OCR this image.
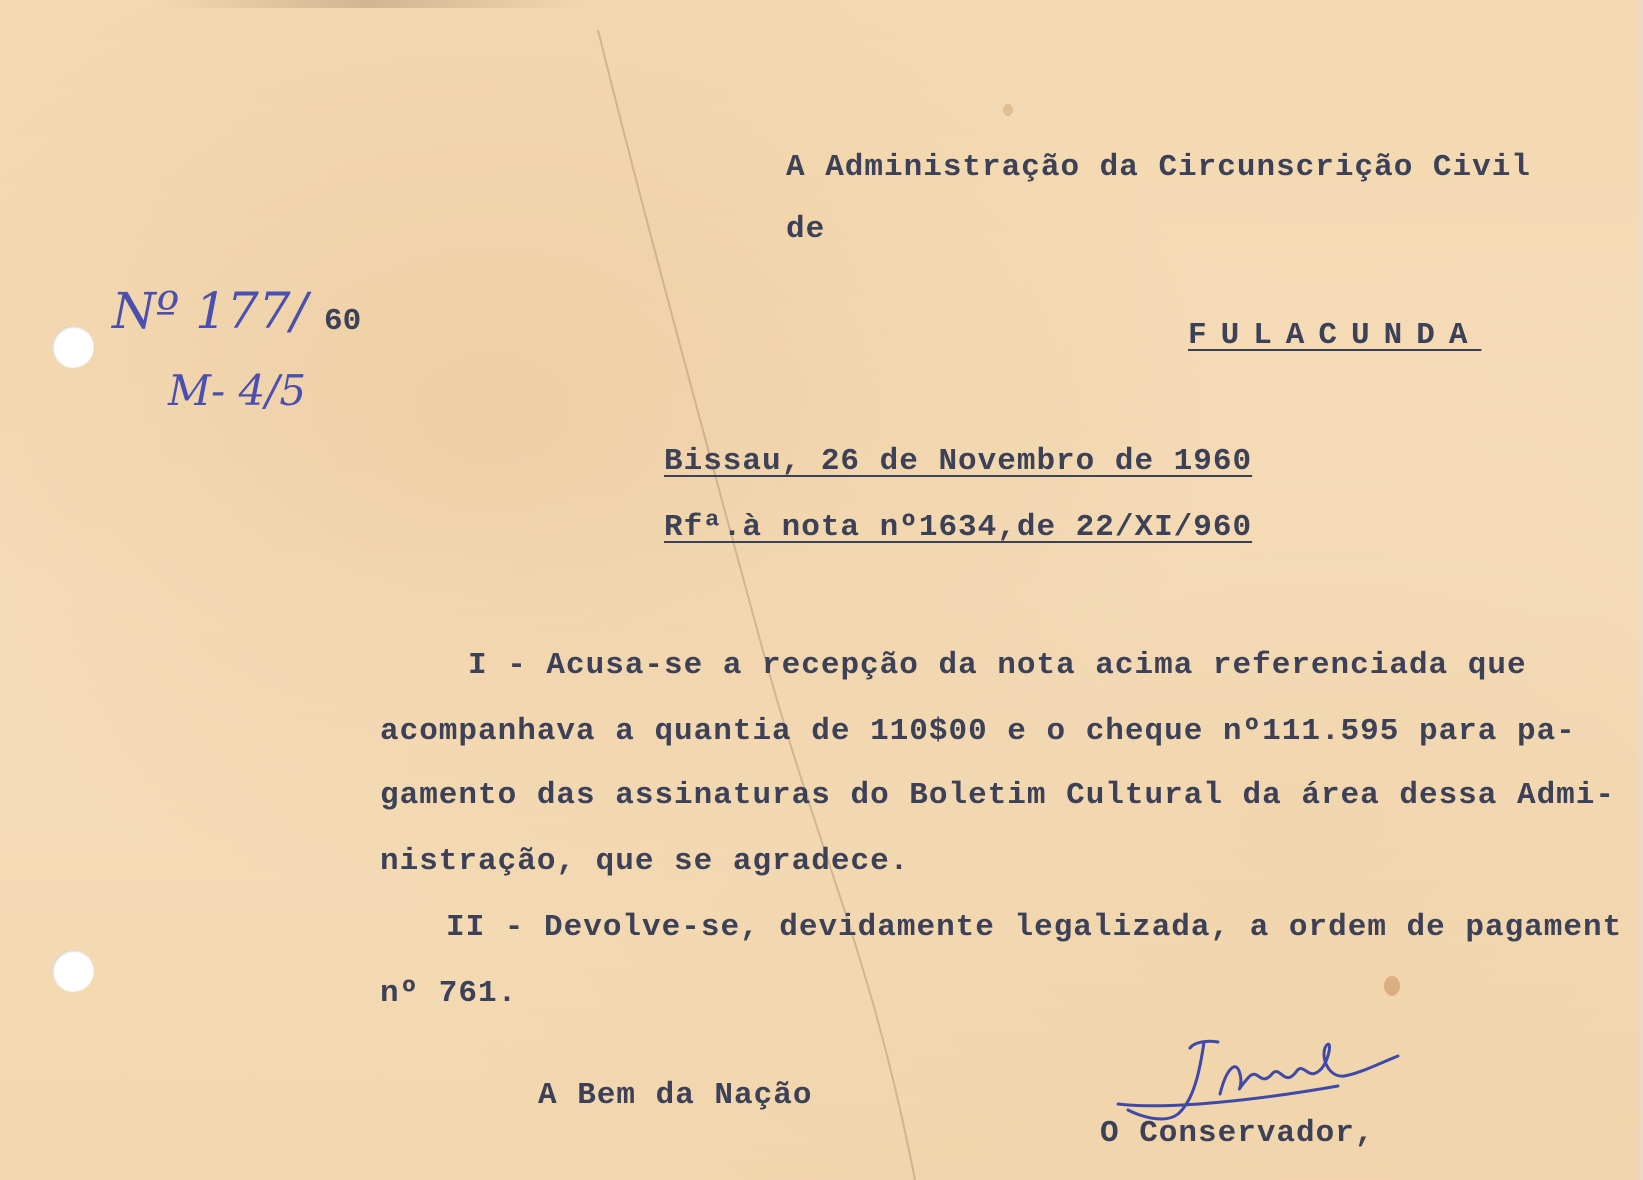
A Administração da Circunscrição Civil
de
FULACUNDA
Nº 177/ 60
M- 4/5
Bissau, 26 de Novembro de 1960
Rfª.à nota nº1634,de 22/XI/960
I - Acusa-se a recepção da nota acima referenciada que
acompanhava a quantia de 110$00 e o cheque nº111.595 para pa-
gamento das assinaturas do Boletim Cultural da área dessa Admi-
nistração, que se agradece.
II - Devolve-se, devidamente legalizada, a ordem de pagament
nº 761.
A Bem da Nação
O Conservador,
